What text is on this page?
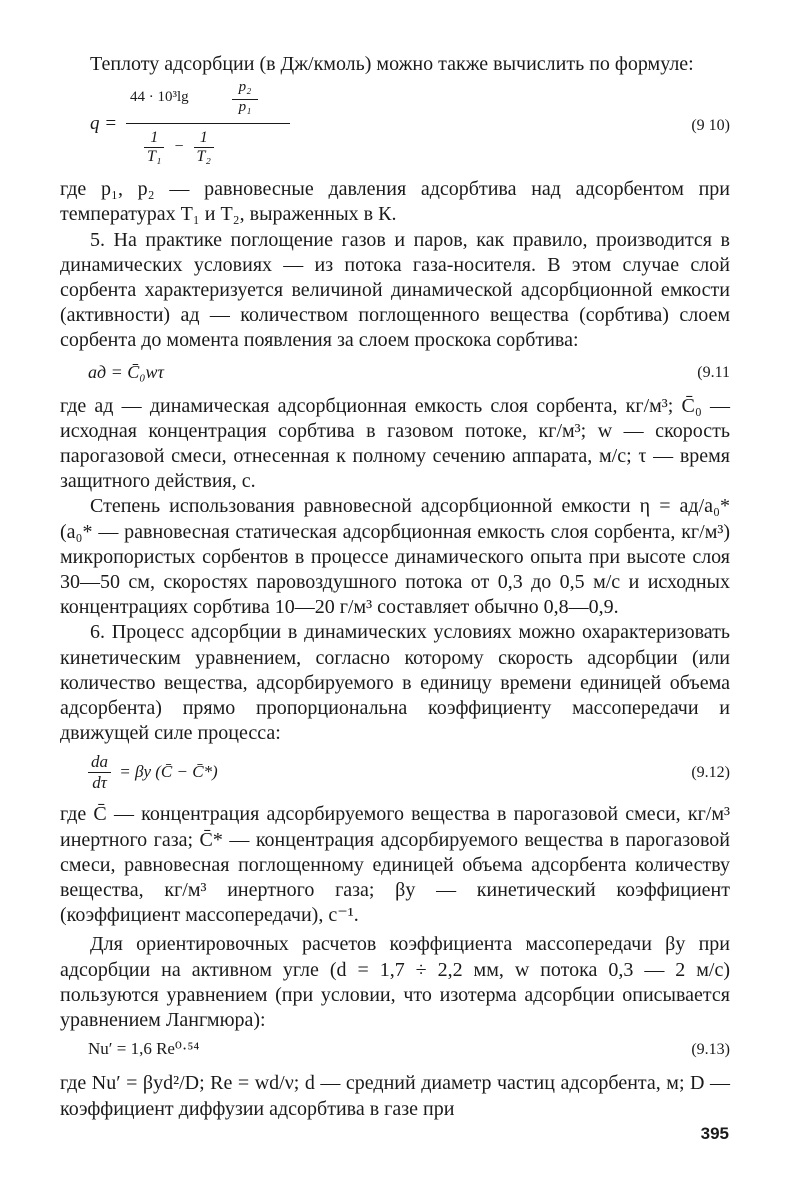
Теплоту адсорбции (в Дж/кмоль) можно также вычислить по формуле:

q =
44 · 10³lg
p₂
p₁
$\frac{1}{\text{T₁}} - \frac{1}{\text{T₂}}$
(9 10)

где p₁, p₂ — равновесные давления адсорбтива над адсорбентом при температурах T₁ и T₂, выраженных в К.

5. На практике поглощение газов и паров, как правило, производится в динамических условиях — из потока газа-носителя. В этом случае слой сорбента характеризуется величиной динамической адсорбционной емкости (активности) aд — количеством поглощенного вещества (сорбтива) слоем сорбента до момента появления за слоем проскока сорбтива:

aд = C̄₀wτ	(9.11

где aд — динамическая адсорбционная емкость слоя сорбента, кг/м³; C̄₀ — исходная концентрация сорбтива в газовом потоке, кг/м³; w — скорость парогазовой смеси, отнесенная к полному сечению аппарата, м/с; τ — время защитного действия, с.

Степень использования равновесной адсорбционной емкости η = aд/a₀* (a₀* — равновесная статическая адсорбционная емкость слоя сорбента, кг/м³) микропористых сорбентов в процессе динамического опыта при высоте слоя 30—50 см, скоростях паровоздушного потока от 0,3 до 0,5 м/с и исходных концентрациях сорбтива 10—20 г/м³ составляет обычно 0,8—0,9.

6. Процесс адсорбции в динамических условиях можно охарактеризовать кинетическим уравнением, согласно которому скорость адсорбции (или количество вещества, адсорбируемого в единицу времени единицей объема адсорбента) прямо пропорциональна коэффициенту массопередачи и движущей силе процесса:

$\frac{da}{d\tau} = \beta y$ (C̄ − C̄*)	(9.12)

где C̄ — концентрация адсорбируемого вещества в парогазовой смеси, кг/м³ инертного газа; C̄* — концентрация адсорбируемого вещества в парогазовой смеси, равновесная поглощенному единицей объема адсорбента количеству вещества, кг/м³ инертного газа; βy — кинетический коэффициент (коэффициент массопередачи), с⁻¹.

Для ориентировочных расчетов коэффициента массопередачи βy при адсорбции на активном угле (d = 1,7 ÷ 2,2 мм, w потока 0,3 — 2 м/с) пользуются уравнением (при условии, что изотерма адсорбции описывается уравнением Лангмюра):

Nu′ = 1,6 Re⁰·⁵⁴	(9.13)

где Nu′ = βyd²/D; Re = wd/ν; d — средний диаметр частиц адсорбента, м; D — коэффициент диффузии адсорбтива в газе при

395
